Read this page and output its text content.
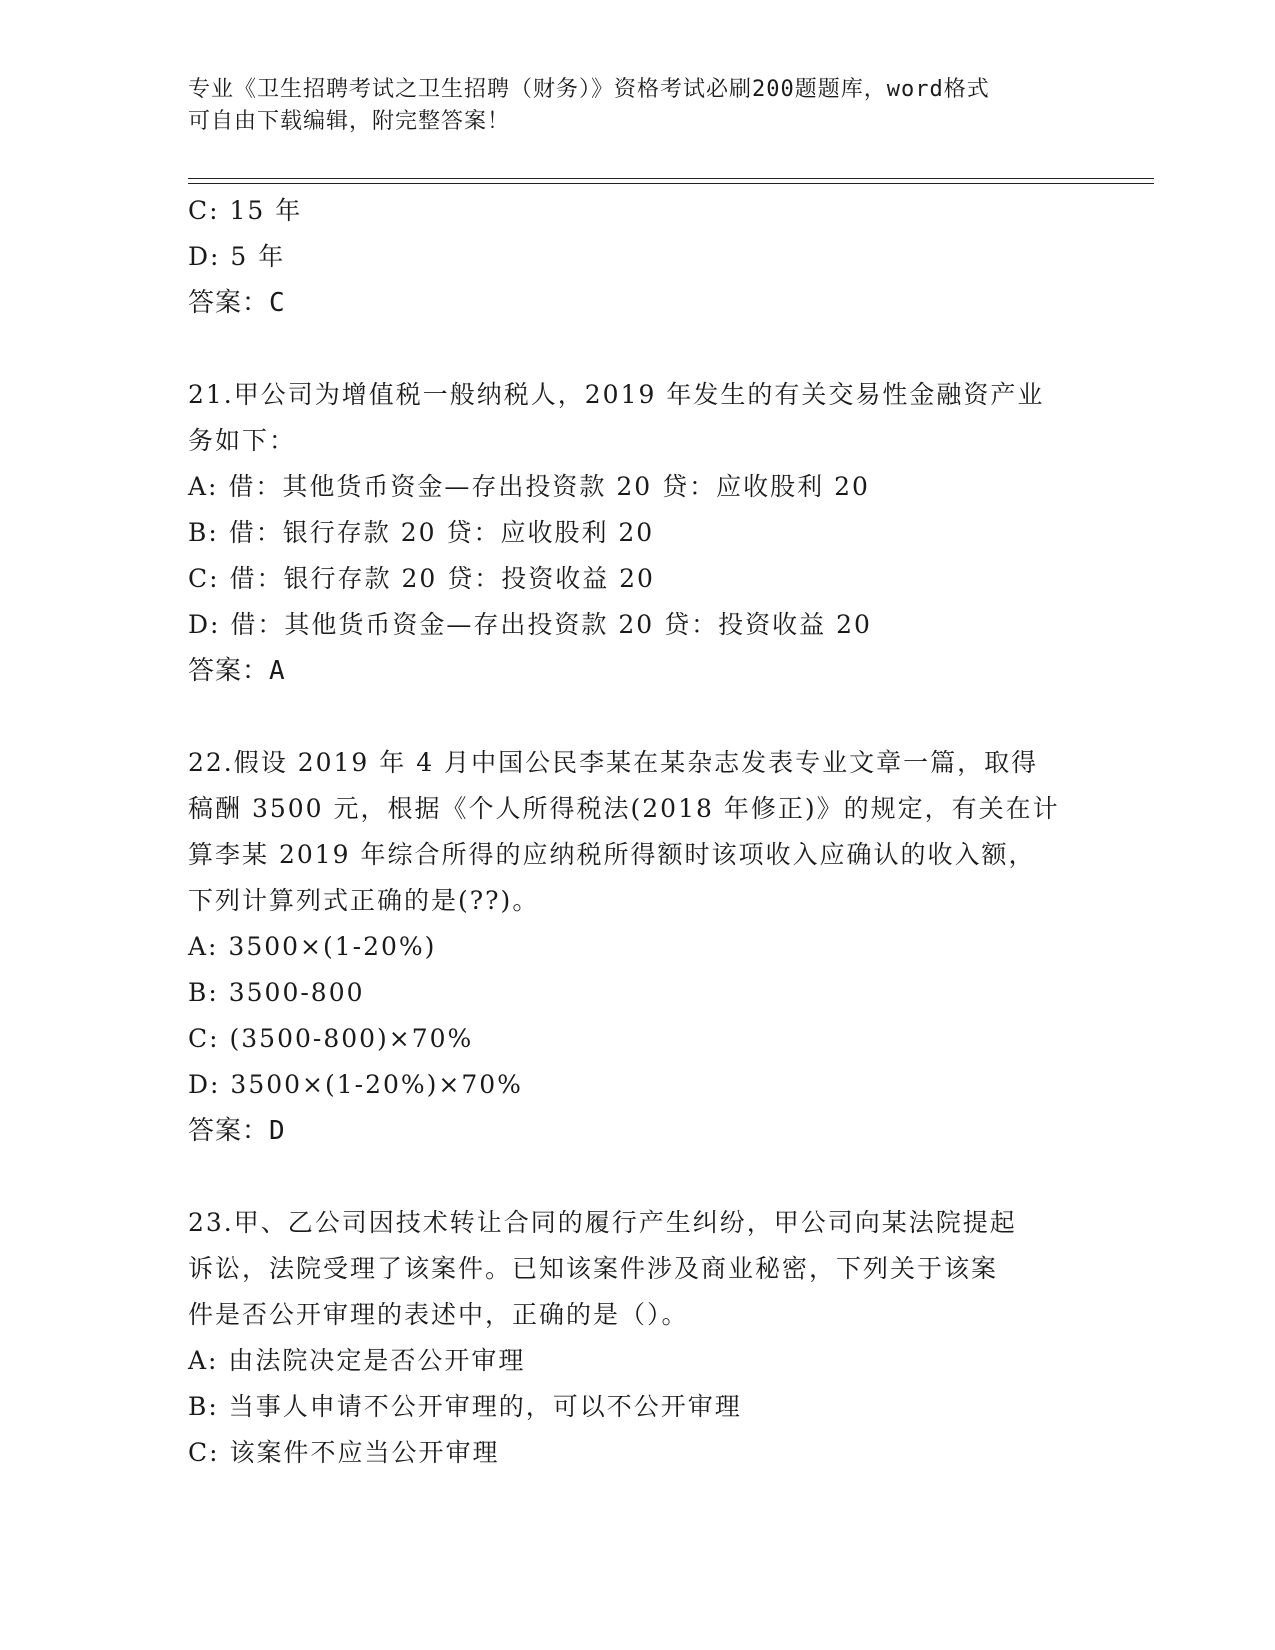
专业《卫生招聘考试之卫生招聘（财务）》资格考试必刷200题题库，word格式
可自由下载编辑，附完整答案！
C: 15 年
D: 5 年
答案：C
21.甲公司为增值税一般纳税人，2019 年发生的有关交易性金融资产业
务如下：
A: 借：其他货币资金—存出投资款 20 贷：应收股利 20
B: 借：银行存款 20 贷：应收股利 20
C: 借：银行存款 20 贷：投资收益 20
D: 借：其他货币资金—存出投资款 20 贷：投资收益 20
答案：A
22.假设 2019 年 4 月中国公民李某在某杂志发表专业文章一篇，取得
稿酬 3500 元，根据《个人所得税法(2018 年修正)》的规定，有关在计
算李某 2019 年综合所得的应纳税所得额时该项收入应确认的收入额，
下列计算列式正确的是(??)。
A: 3500×(1-20%)
B: 3500-800
C: (3500-800)×70%
D: 3500×(1-20%)×70%
答案：D
23.甲、乙公司因技术转让合同的履行产生纠纷，甲公司向某法院提起
诉讼，法院受理了该案件。已知该案件涉及商业秘密，下列关于该案
件是否公开审理的表述中，正确的是（）。
A: 由法院决定是否公开审理
B: 当事人申请不公开审理的，可以不公开审理
C: 该案件不应当公开审理
